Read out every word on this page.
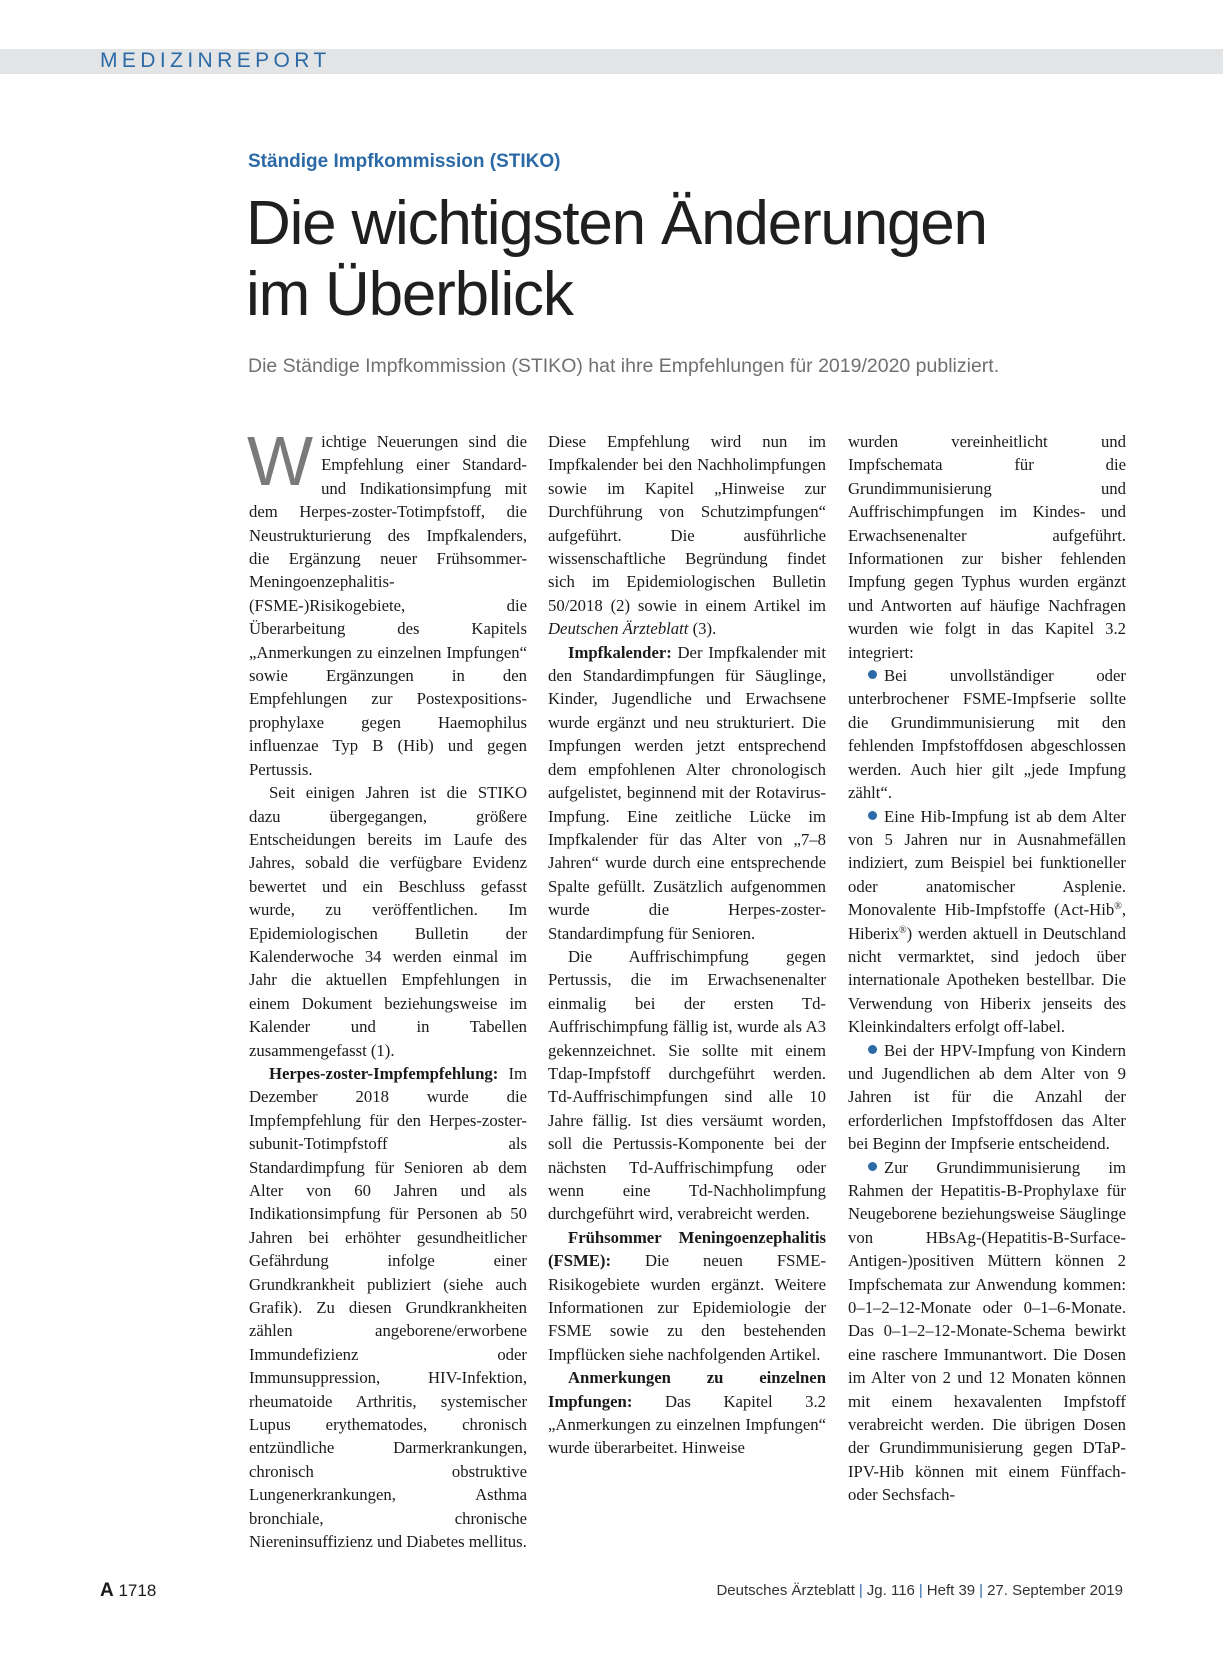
MEDIZINREPORT
Ständige Impfkommission (STIKO)
Die wichtigsten Änderungen
im Überblick
Die Ständige Impfkommission (STIKO) hat ihre Empfehlungen für 2019/2020 publiziert.

Wichtige Neuerungen sind die Empfehlung einer Standard- und Indikationsimpfung mit dem Herpes-zoster-Totimpfstoff, die Neustrukturierung des Impfkalenders, die Ergänzung neuer Frühsommer-Meningoenzephalitis-(FSME-)Risikogebiete, die Überarbeitung des Kapitels „Anmerkungen zu einzelnen Impfungen“ sowie Ergänzungen in den Empfehlungen zur Postexpositionsprophylaxe gegen Haemophilus influenzae Typ B (Hib) und gegen Pertussis.

Seit einigen Jahren ist die STIKO dazu übergegangen, größere Entscheidungen bereits im Laufe des Jahres, sobald die verfügbare Evidenz bewertet und ein Beschluss gefasst wurde, zu veröffentlichen. Im Epidemiologischen Bulletin der Kalenderwoche 34 werden einmal im Jahr die aktuellen Empfehlungen in einem Dokument beziehungsweise im Kalender und in Tabellen zusammengefasst (1).

Herpes-zoster-Impfempfehlung: Im Dezember 2018 wurde die Impfempfehlung für den Herpes-zoster-subunit-Totimpfstoff als Standardimpfung für Senioren ab dem Alter von 60 Jahren und als Indikationsimpfung für Personen ab 50 Jahren bei erhöhter gesundheitlicher Gefährdung infolge einer Grundkrankheit publiziert (siehe auch Grafik). Zu diesen Grundkrankheiten zählen angeborene/erworbene Immundefizienz oder Immunsuppression, HIV-Infektion, rheumatoide Arthritis, systemischer Lupus erythematodes, chronisch entzündliche Darmerkrankungen, chronisch obstruktive Lungenerkrankungen, Asthma bronchiale, chronische Niereninsuffizienz und Diabetes mellitus.

Diese Empfehlung wird nun im Impfkalender bei den Nachholimpfungen sowie im Kapitel „Hinweise zur Durchführung von Schutzimpfungen“ aufgeführt. Die ausführliche wissenschaftliche Begründung findet sich im Epidemiologischen Bulletin 50/2018 (2) sowie in einem Artikel im Deutschen Ärzteblatt (3).

Impfkalender: Der Impfkalender mit den Standardimpfungen für Säuglinge, Kinder, Jugendliche und Erwachsene wurde ergänzt und neu strukturiert. Die Impfungen werden jetzt entsprechend dem empfohlenen Alter chronologisch aufgelistet, beginnend mit der Rotavirus-Impfung. Eine zeitliche Lücke im Impfkalender für das Alter von „7–8 Jahren“ wurde durch eine entsprechende Spalte gefüllt. Zusätzlich aufgenommen wurde die Herpes-zoster-Standardimpfung für Senioren.

Die Auffrischimpfung gegen Pertussis, die im Erwachsenenalter einmalig bei der ersten Td-Auffrischimpfung fällig ist, wurde als A3 gekennzeichnet. Sie sollte mit einem Tdap-Impfstoff durchgeführt werden. Td-Auffrischimpfungen sind alle 10 Jahre fällig. Ist dies versäumt worden, soll die Pertussis-Komponente bei der nächsten Td-Auffrischimpfung oder wenn eine Td-Nachholimpfung durchgeführt wird, verabreicht werden.

Frühsommer Meningoenzephalitis (FSME): Die neuen FSME-Risikogebiete wurden ergänzt. Weitere Informationen zur Epidemiologie der FSME sowie zu den bestehenden Impflücken siehe nachfolgenden Artikel.

Anmerkungen zu einzelnen Impfungen: Das Kapitel 3.2 „Anmerkungen zu einzelnen Impfungen“ wurde überarbeitet. Hinweise

wurden vereinheitlicht und Impfschemata für die Grundimmunisierung und Auffrischimpfungen im Kindes- und Erwachsenenalter aufgeführt. Informationen zur bisher fehlenden Impfung gegen Typhus wurden ergänzt und Antworten auf häufige Nachfragen wurden wie folgt in das Kapitel 3.2 integriert:

Bei unvollständiger oder unterbrochener FSME-Impfserie sollte die Grundimmunisierung mit den fehlenden Impfstoffdosen abgeschlossen werden. Auch hier gilt „jede Impfung zählt“.

Eine Hib-Impfung ist ab dem Alter von 5 Jahren nur in Ausnahmefällen indiziert, zum Beispiel bei funktioneller oder anatomischer Asplenie. Monovalente Hib-Impfstoffe (Act-Hib®, Hiberix®) werden aktuell in Deutschland nicht vermarktet, sind jedoch über internationale Apotheken bestellbar. Die Verwendung von Hiberix jenseits des Kleinkindalters erfolgt off-label.

Bei der HPV-Impfung von Kindern und Jugendlichen ab dem Alter von 9 Jahren ist für die Anzahl der erforderlichen Impfstoffdosen das Alter bei Beginn der Impfserie entscheidend.

Zur Grundimmunisierung im Rahmen der Hepatitis-B-Prophylaxe für Neugeborene beziehungsweise Säuglinge von HBsAg-(Hepatitis-B-Surface-Antigen-)positiven Müttern können 2 Impfschemata zur Anwendung kommen: 0–1–2–12-Monate oder 0–1–6-Monate. Das 0–1–2–12-Monate-Schema bewirkt eine raschere Immunantwort. Die Dosen im Alter von 2 und 12 Monaten können mit einem hexavalenten Impfstoff verabreicht werden. Die übrigen Dosen der Grundimmunisierung gegen DTaP-IPV-Hib können mit einem Fünffach- oder Sechsfach-

A 1718	Deutsches Ärzteblatt | Jg. 116 | Heft 39 | 27. September 2019
